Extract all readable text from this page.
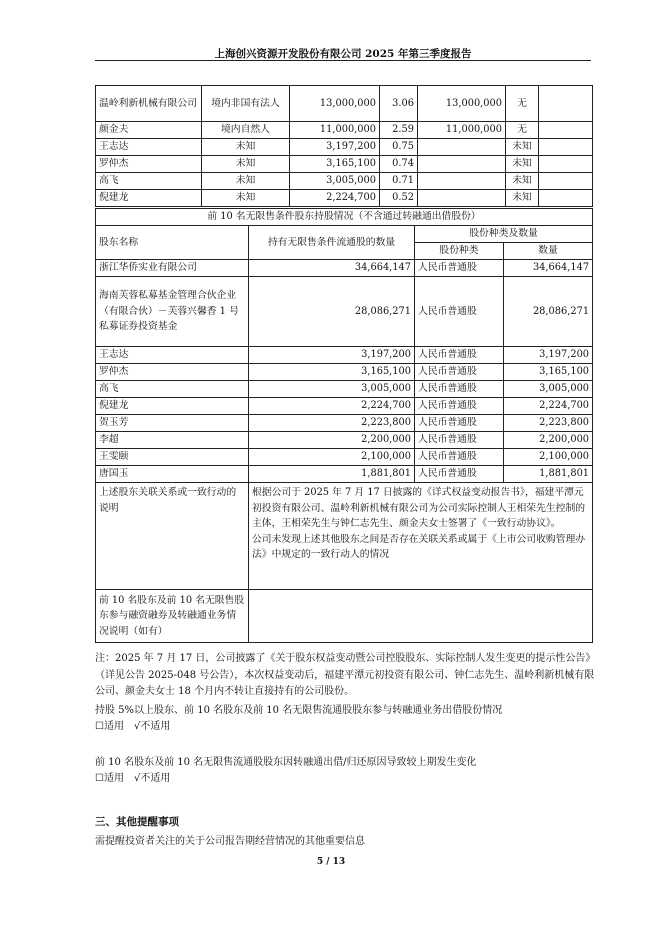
上海创兴资源开发股份有限公司 2025 年第三季度报告
温岭利新机械有限公司	境内非国有法人	13,000,000	3.06	13,000,000	无	
颜金夫	境内自然人	11,000,000	2.59	11,000,000	无	
王志达	未知	3,197,200	0.75		未知	
罗仲杰	未知	3,165,100	0.74		未知	
高飞	未知	3,005,000	0.71		未知	
倪建龙	未知	2,224,700	0.52		未知	
前 10 名无限售条件股东持股情况（不含通过转融通出借股份）			
股东名称	持有无限售条件流通股的数量	股份种类及数量	
		股份种类	数量
浙江华侨实业有限公司	34,664,147	人民币普通股	34,664,147
海南芙蓉私募基金管理合伙企业（有限合伙）－芙蓉兴馨香 1 号私募证券投资基金	28,086,271	人民币普通股	28,086,271
王志达	3,197,200	人民币普通股	3,197,200
罗仲杰	3,165,100	人民币普通股	3,165,100
高飞	3,005,000	人民币普通股	3,005,000
倪建龙	2,224,700	人民币普通股	2,224,700
贺玉芳	2,223,800	人民币普通股	2,223,800
李超	2,200,000	人民币普通股	2,200,000
王雯颐	2,100,000	人民币普通股	2,100,000
唐国玉	1,881,801	人民币普通股	1,881,801
上述股东关联关系或一致行动的说明	根据公司于 2025 年 7 月 17 日披露的《详式权益变动报告书》，福建平潭元初投资有限公司、温岭利新机械有限公司为公司实际控制人王相荣先生控制的主体，王相荣先生与钟仁志先生、颜金夫女士签署了《一致行动协议》。
公司未发现上述其他股东之间是否存在关联关系或属于《上市公司收购管理办法》中规定的一致行动人的情况		

前 10 名股东及前 10 名无限售股东参与融资融券及转融通业务情况说明（如有）			

注：2025 年 7 月 17 日，公司披露了《关于股东权益变动暨公司控股股东、实际控制人发生变更的提示性公告》（详见公告 2025-048 号公告），本次权益变动后，福建平潭元初投资有限公司、钟仁志先生、温岭利新机械有限公司、颜金夫女士 18 个月内不转让直接持有的公司股份。

持股 5%以上股东、前 10 名股东及前 10 名无限售流通股股东参与转融通业务出借股份情况

☐适用　√不适用

前 10 名股东及前 10 名无限售流通股股东因转融通出借/归还原因导致较上期发生变化

☐适用　√不适用

三、其他提醒事项

需提醒投资者关注的关于公司报告期经营情况的其他重要信息

5 / 13
